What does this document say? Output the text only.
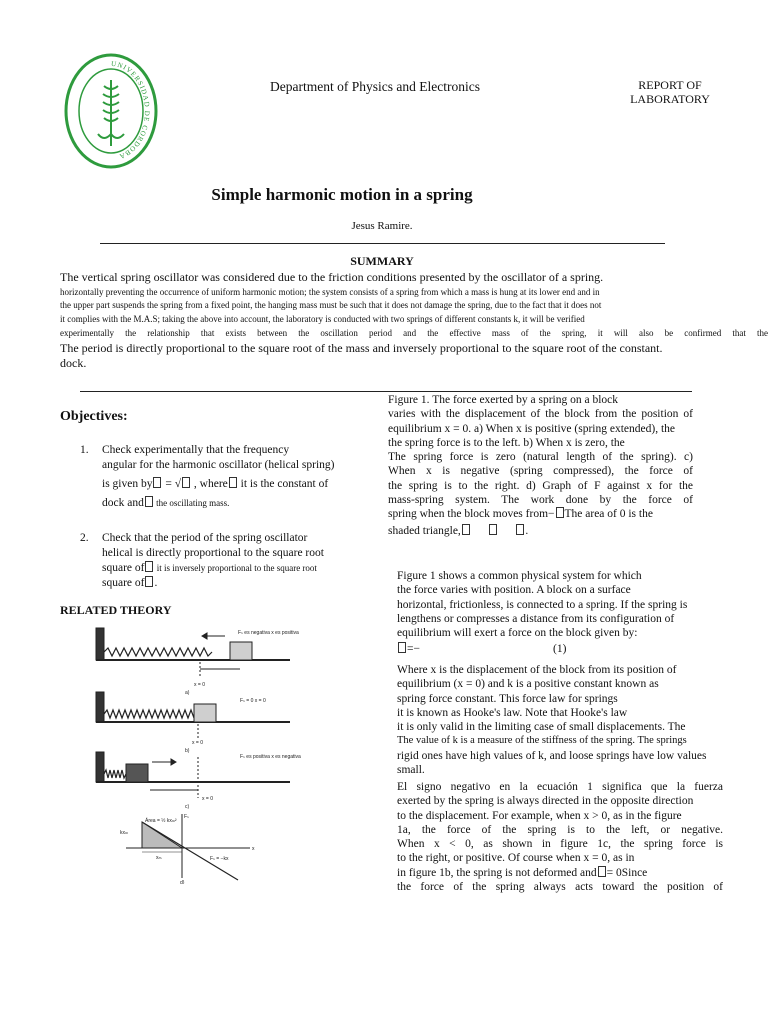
UNIVERSIDAD DE CORDOBA
Department of Physics and Electronics	REPORT OF
LABORATORY
Simple harmonic motion in a spring
Jesus Ramire.
SUMMARY
The vertical spring oscillator was considered due to the friction conditions presented by the oscillator of a spring.
horizontally preventing the occurrence of uniform harmonic motion; the system consists of a spring from which a mass is hung at its lower end and in
the upper part suspends the spring from a fixed point, the hanging mass must be such that it does not damage the spring, due to the fact that it does not
it complies with the M.A.S; taking the above into account, the laboratory is conducted with two springs of different constants k, it will be verified
experimentally the relationship that exists between the oscillation period and the effective mass of the spring, it will also be confirmed that the
The period is directly proportional to the square root of the mass and inversely proportional to the square root of the constant.
dock.
Objectives:
1. Check experimentally that the frequency
angular for the harmonic oscillator (helical spring)
is given by = √ , where it is the constant of
dock and the oscillating mass.
2. Check that the period of the spring oscillator
helical is directly proportional to the square root
square of it is inversely proportional to the square root
square of .
RELATED THEORY
Fₛ es negativa x es positiva
x = 0
a)
Fₛ = 0 x = 0
x = 0
b)
Fₛ es positiva x es negativa
x = 0
c)
Área = ½ kxₘ²
kxₘ
xₘ
Fₛ
x
Fₛ = −kx
d)

Figure 1. The force exerted by a spring on a block

varies with the displacement of the block from the position of

equilibrium x = 0. a) When x is positive (spring extended), the

the spring force is to the left. b) When x is zero, the

The spring force is zero (natural length of the spring). c)

When x is negative (spring compressed), the force of

the spring is to the right. d) Graph of F against x for the

mass-spring system. The work done by the force of

spring when the block moves from− The area of 0 is the

shaded triangle,	.

Figure 1 shows a common physical system for which

the force varies with position. A block on a surface

horizontal, frictionless, is connected to a spring. If the spring is

lengthens or compresses a distance from its configuration of

equilibrium will exert a force on the block given by:

=−	(1)

Where x is the displacement of the block from its position of

equilibrium (x = 0) and k is a positive constant known as

spring force constant. This force law for springs

it is known as Hooke's law. Note that Hooke's law

it is only valid in the limiting case of small displacements. The

The value of k is a measure of the stiffness of the spring. The springs

rigid ones have high values of k, and loose springs have low values

small.

El signo negativo en la ecuación 1 significa que la fuerza

exerted by the spring is always directed in the opposite direction

to the displacement. For example, when x > 0, as in the figure

1a, the force of the spring is to the left, or negative.

When x < 0, as shown in figure 1c, the spring force is

to the right, or positive. Of course when x = 0, as in

in figure 1b, the spring is not deformed and = 0Since

the force of the spring always acts toward the position of
